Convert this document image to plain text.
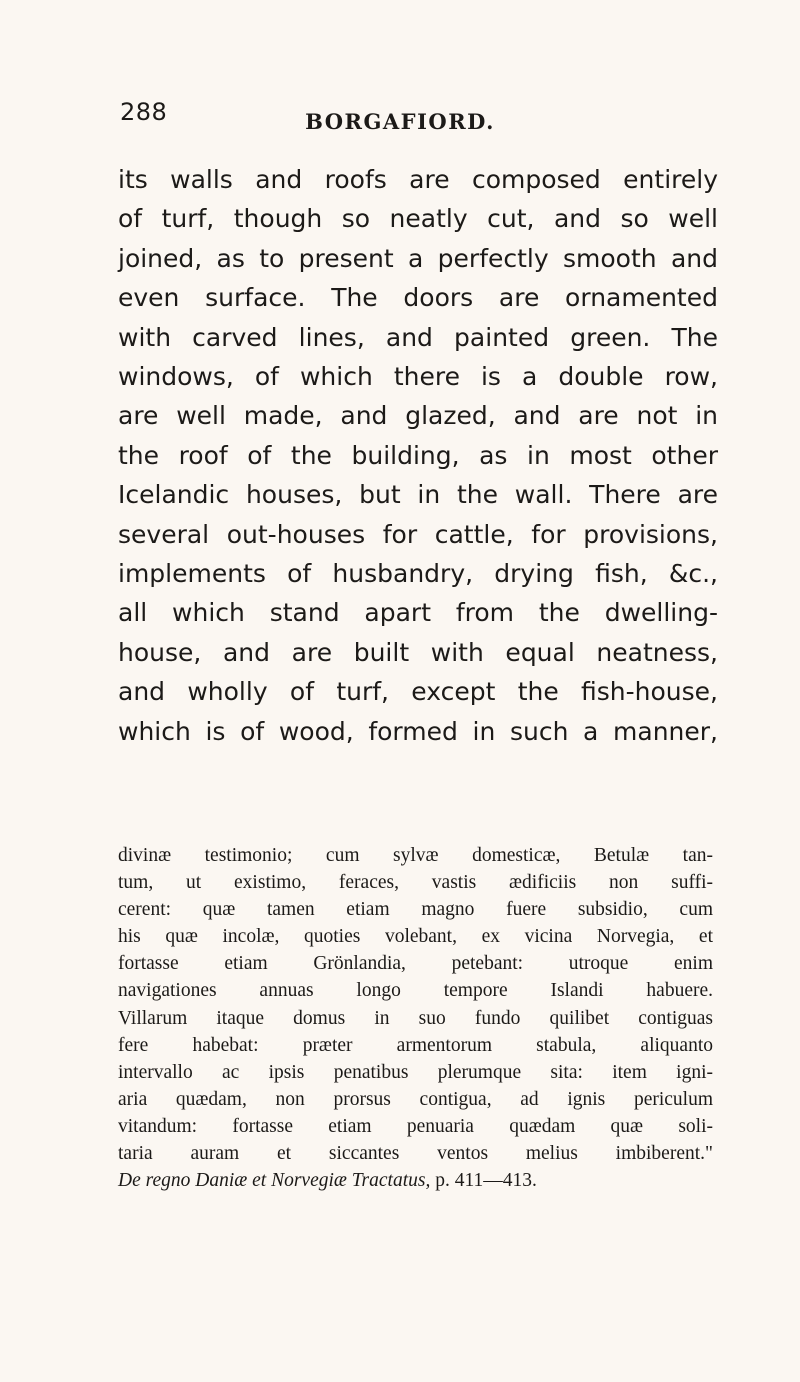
288	BORGAFIORD.
its walls and roofs are composed entirely
of turf, though so neatly cut, and so well
joined, as to present a perfectly smooth and
even surface. The doors are ornamented
with carved lines, and painted green. The
windows, of which there is a double row,
are well made, and glazed, and are not in
the roof of the building, as in most other
Icelandic houses, but in the wall. There are
several out-houses for cattle, for provisions,
implements of husbandry, drying fish, &c.,
all which stand apart from the dwelling-
house, and are built with equal neatness,
and wholly of turf, except the fish-house,
which is of wood, formed in such a manner,
divinæ testimonio; cum sylvæ domesticæ, Betulæ tan-
tum, ut existimo, feraces, vastis ædificiis non suffi-
cerent: quæ tamen etiam magno fuere subsidio, cum
his quæ incolæ, quoties volebant, ex vicina Norvegia, et
fortasse etiam Grönlandia, petebant: utroque enim
navigationes annuas longo tempore Islandi habuere.
Villarum itaque domus in suo fundo quilibet contiguas
fere habebat: præter armentorum stabula, aliquanto
intervallo ac ipsis penatibus plerumque sita: item igni-
aria quædam, non prorsus contigua, ad ignis periculum
vitandum: fortasse etiam penuaria quædam quæ soli-
taria auram et siccantes ventos melius imbiberent."
De regno Daniæ et Norvegiæ Tractatus, p. 411—413.
